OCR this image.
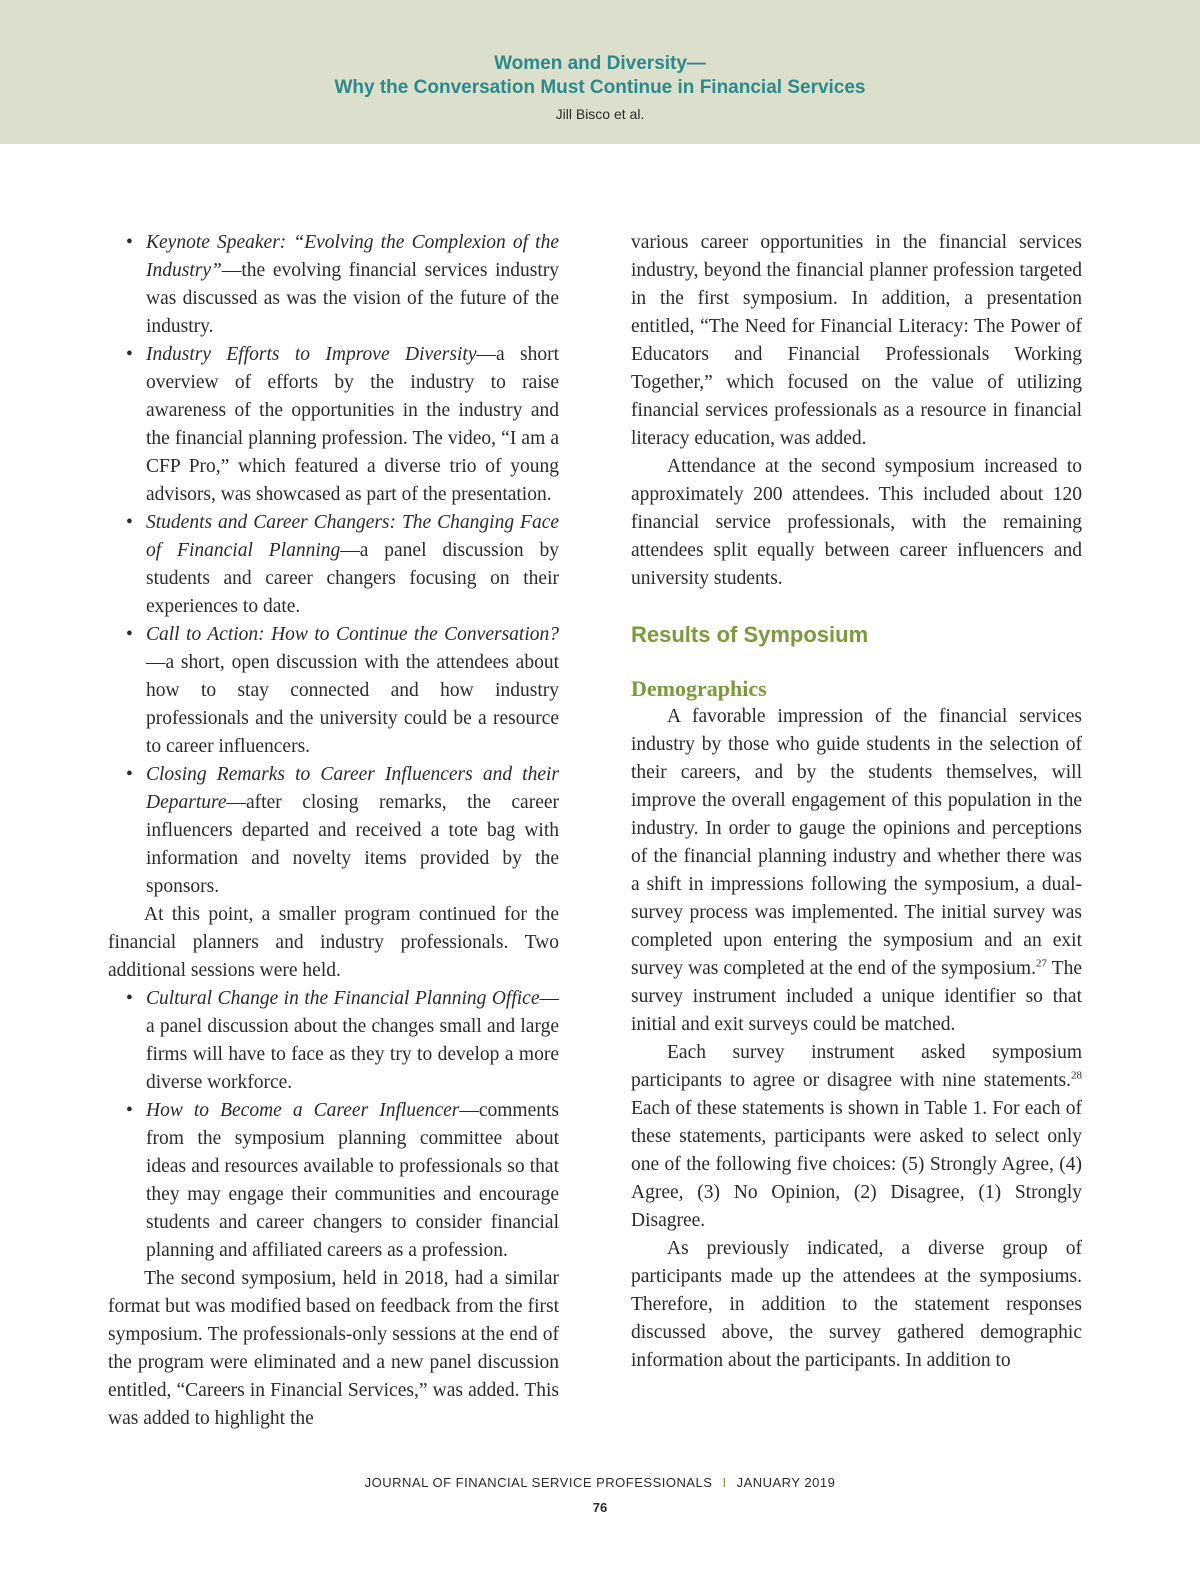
Women and Diversity—
Why the Conversation Must Continue in Financial Services
Jill Bisco et al.
• Keynote Speaker: “Evolving the Complexion of the Industry”—the evolving financial services industry was discussed as was the vision of the future of the industry.
• Industry Efforts to Improve Diversity—a short overview of efforts by the industry to raise awareness of the opportunities in the industry and the financial planning profession. The video, “I am a CFP Pro,” which featured a diverse trio of young advisors, was showcased as part of the presentation.
• Students and Career Changers: The Changing Face of Financial Planning—a panel discussion by students and career changers focusing on their experiences to date.
• Call to Action: How to Continue the Conversation?—a short, open discussion with the attendees about how to stay connected and how industry professionals and the university could be a resource to career influencers.
• Closing Remarks to Career Influencers and their Departure—after closing remarks, the career influencers departed and received a tote bag with information and novelty items provided by the sponsors.

At this point, a smaller program continued for the financial planners and industry professionals. Two additional sessions were held.

• Cultural Change in the Financial Planning Office—a panel discussion about the changes small and large firms will have to face as they try to develop a more diverse workforce.
• How to Become a Career Influencer—comments from the symposium planning committee about ideas and resources available to professionals so that they may engage their communities and encourage students and career changers to consider financial planning and affiliated careers as a profession.

The second symposium, held in 2018, had a similar format but was modified based on feedback from the first symposium. The professionals-only sessions at the end of the program were eliminated and a new panel discussion entitled, “Careers in Financial Services,” was added. This was added to highlight the

various career opportunities in the financial services industry, beyond the financial planner profession targeted in the first symposium. In addition, a presentation entitled, “The Need for Financial Literacy: The Power of Educators and Financial Professionals Working Together,” which focused on the value of utilizing financial services professionals as a resource in financial literacy education, was added.

Attendance at the second symposium increased to approximately 200 attendees. This included about 120 financial service professionals, with the remaining attendees split equally between career influencers and university students.

Results of Symposium
Demographics

A favorable impression of the financial services industry by those who guide students in the selection of their careers, and by the students themselves, will improve the overall engagement of this population in the industry. In order to gauge the opinions and perceptions of the financial planning industry and whether there was a shift in impressions following the symposium, a dual-survey process was implemented. The initial survey was completed upon entering the symposium and an exit survey was completed at the end of the symposium.$^{27}$ The survey instrument included a unique identifier so that initial and exit surveys could be matched.

Each survey instrument asked symposium participants to agree or disagree with nine statements.$^{28}$ Each of these statements is shown in Table 1. For each of these statements, participants were asked to select only one of the following five choices: (5) Strongly Agree, (4) Agree, (3) No Opinion, (2) Disagree, (1) Strongly Disagree.

As previously indicated, a diverse group of participants made up the attendees at the symposiums. Therefore, in addition to the statement responses discussed above, the survey gathered demographic information about the participants. In addition to

JOURNAL OF FINANCIAL SERVICE PROFESSIONALS I JANUARY 2019
76
